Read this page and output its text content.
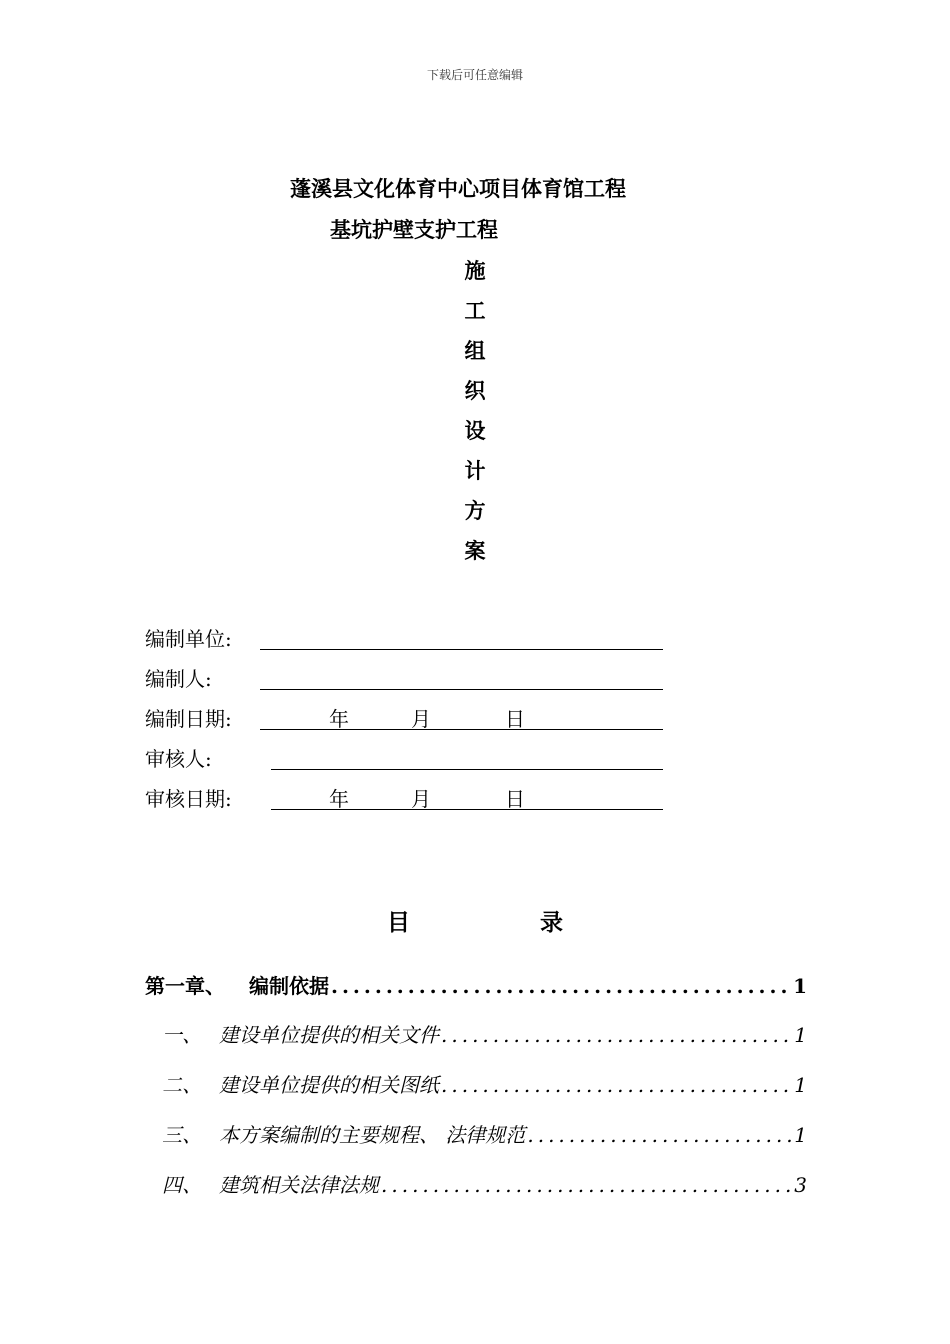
下载后可任意编辑
蓬溪县文化体育中心项目体育馆工程
基坑护壁支护工程
施
工
组
织
设
计
方
案
编制单位:
编制人:
编制日期:	年	月	日
审核人:
审核日期:	年	月	日
目	录
第一章、	编制依据 .....	1
一、 建设单位提供的相关文件 .....	1
二、 建设单位提供的相关图纸 .....	1
三、 本方案编制的主要规程、 法律规范 .....	1
四、 建筑相关法律法规 .....	3
